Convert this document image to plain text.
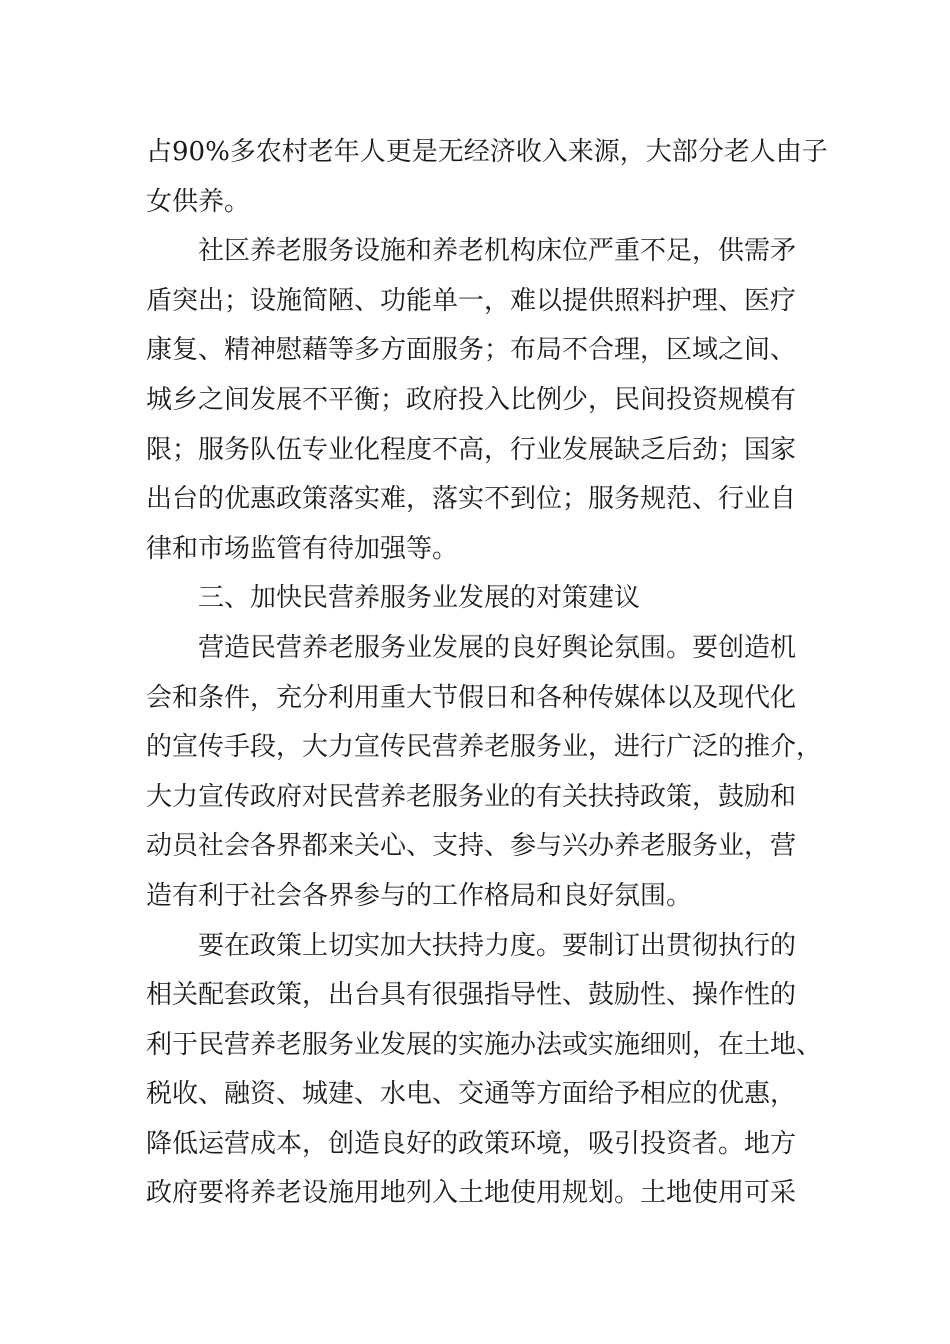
占90%多农村老年人更是无经济收入来源，大部分老人由子
女供养。
社区养老服务设施和养老机构床位严重不足，供需矛
盾突出；设施简陋、功能单一，难以提供照料护理、医疗
康复、精神慰藉等多方面服务；布局不合理，区域之间、
城乡之间发展不平衡；政府投入比例少，民间投资规模有
限；服务队伍专业化程度不高，行业发展缺乏后劲；国家
出台的优惠政策落实难，落实不到位；服务规范、行业自
律和市场监管有待加强等。
三、加快民营养服务业发展的对策建议
营造民营养老服务业发展的良好舆论氛围。要创造机
会和条件，充分利用重大节假日和各种传媒体以及现代化
的宣传手段，大力宣传民营养老服务业，进行广泛的推介，
大力宣传政府对民营养老服务业的有关扶持政策，鼓励和
动员社会各界都来关心、支持、参与兴办养老服务业，营
造有利于社会各界参与的工作格局和良好氛围。
要在政策上切实加大扶持力度。要制订出贯彻执行的
相关配套政策，出台具有很强指导性、鼓励性、操作性的
利于民营养老服务业发展的实施办法或实施细则，在土地、
税收、融资、城建、水电、交通等方面给予相应的优惠，
降低运营成本，创造良好的政策环境，吸引投资者。地方
政府要将养老设施用地列入土地使用规划。土地使用可采
